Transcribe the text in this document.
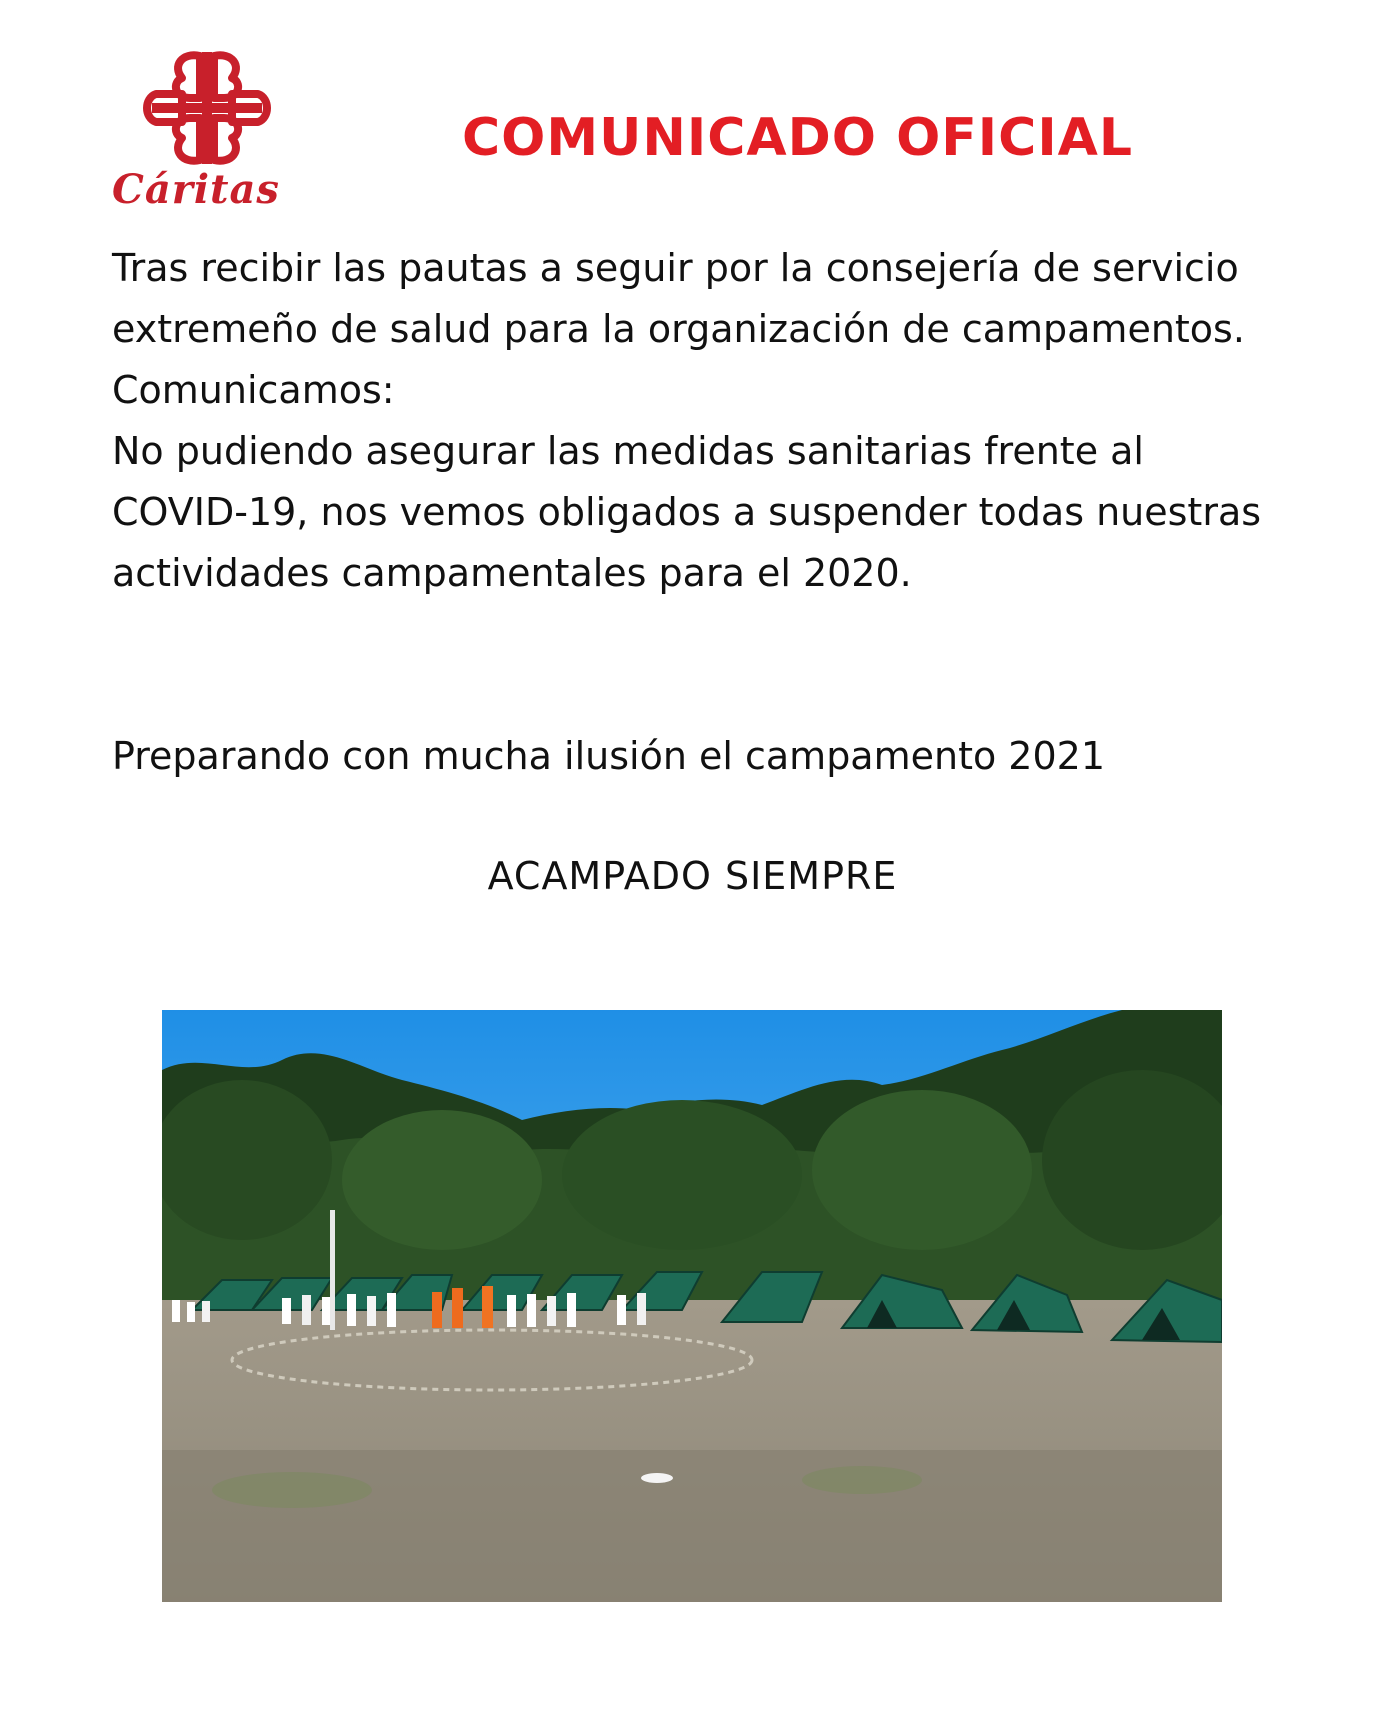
Cáritas
COMUNICADO OFICIAL

Tras recibir las pautas a seguir por la consejería de servicio extremeño de salud para la organización de campamentos.

Comunicamos:

No pudiendo asegurar las medidas sanitarias frente al COVID-19, nos vemos obligados a suspender todas nuestras actividades campamentales para el 2020.

Preparando con mucha ilusión el campamento 2021
ACAMPADO SIEMPRE
